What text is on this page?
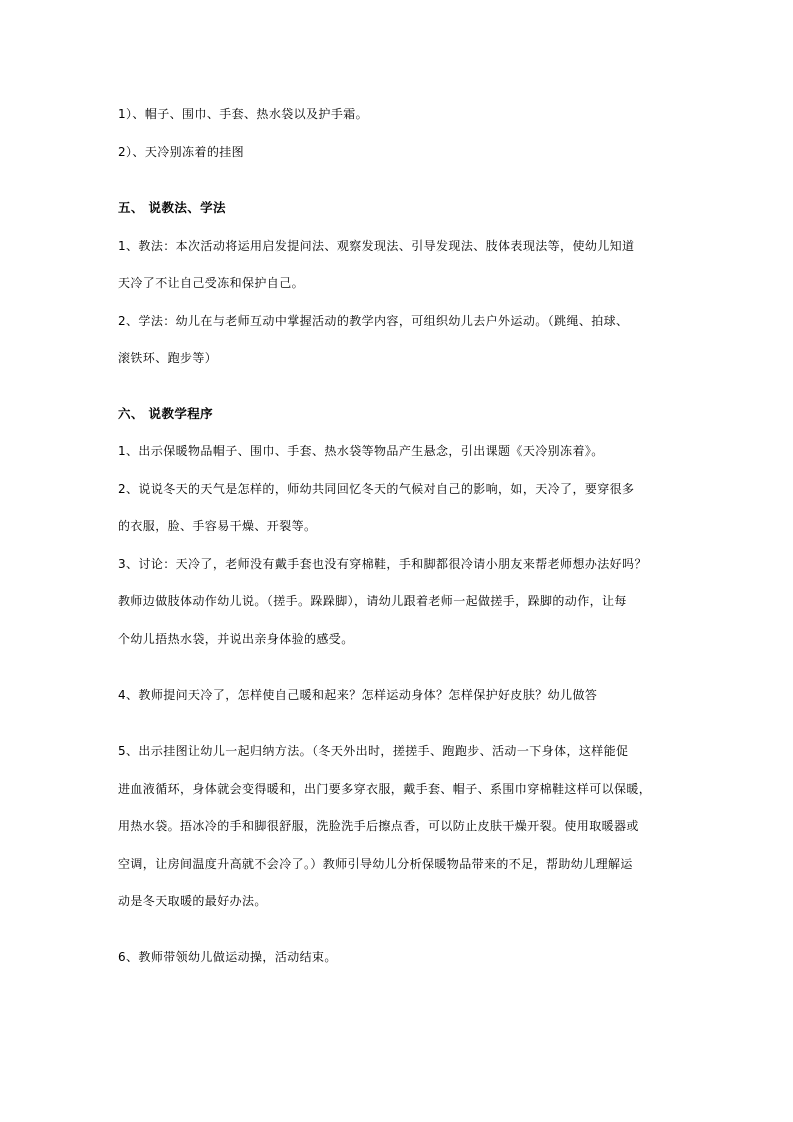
1）、帽子、围巾、手套、热水袋以及护手霜。
2）、天冷别冻着的挂图
五、 说教法、学法
1、教法：本次活动将运用启发提问法、观察发现法、引导发现法、肢体表现法等，使幼儿知道
天冷了不让自己受冻和保护自己。
2、学法：幼儿在与老师互动中掌握活动的教学内容，可组织幼儿去户外运动。（跳绳、拍球、
滚铁环、跑步等）
六、 说教学程序
1、出示保暖物品帽子、围巾、手套、热水袋等物品产生悬念，引出课题《天冷别冻着》。
2、说说冬天的天气是怎样的，师幼共同回忆冬天的气候对自己的影响，如，天冷了，要穿很多
的衣服，脸、手容易干燥、开裂等。
3、讨论：天冷了，老师没有戴手套也没有穿棉鞋，手和脚都很冷请小朋友来帮老师想办法好吗？
教师边做肢体动作幼儿说。（搓手。跺跺脚），请幼儿跟着老师一起做搓手，跺脚的动作，让每
个幼儿捂热水袋，并说出亲身体验的感受。
4、教师提问天冷了，怎样使自己暖和起来？怎样运动身体？怎样保护好皮肤？幼儿做答
5、出示挂图让幼儿一起归纳方法。（冬天外出时，搓搓手、跑跑步、活动一下身体，这样能促
进血液循环，身体就会变得暖和，出门要多穿衣服，戴手套、帽子、系围巾穿棉鞋这样可以保暖，
用热水袋。捂冰冷的手和脚很舒服，洗脸洗手后擦点香，可以防止皮肤干燥开裂。使用取暖器或
空调，让房间温度升高就不会冷了。）教师引导幼儿分析保暖物品带来的不足，帮助幼儿理解运
动是冬天取暖的最好办法。
6、教师带领幼儿做运动操，活动结束。
